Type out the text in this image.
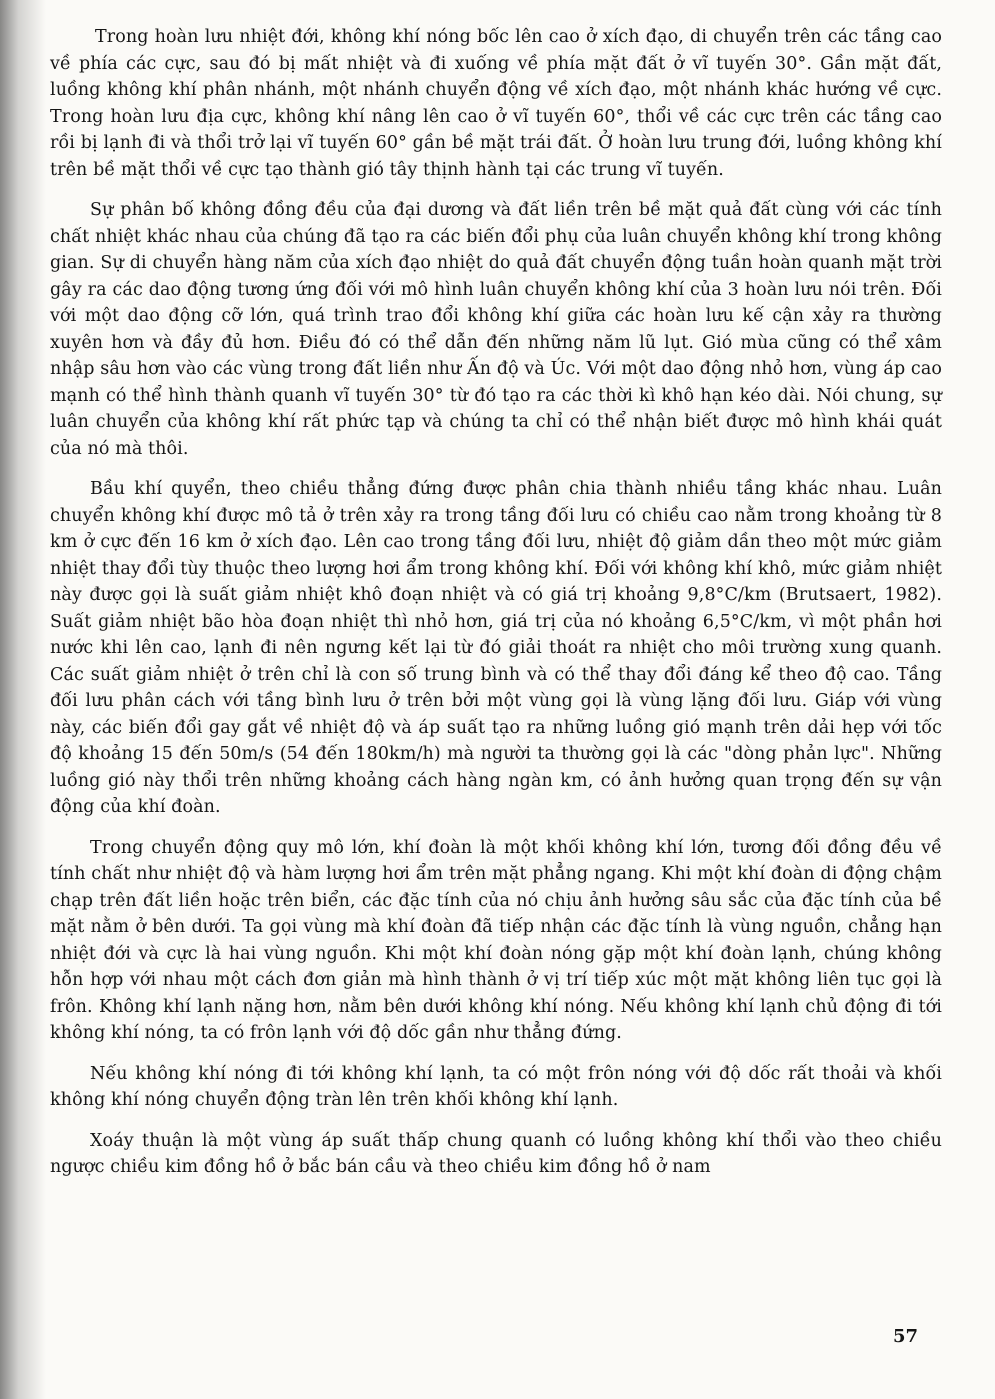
Trong hoàn lưu nhiệt đới, không khí nóng bốc lên cao ở xích đạo, di chuyển trên các tầng cao về phía các cực, sau đó bị mất nhiệt và đi xuống về phía mặt đất ở vĩ tuyến 30°. Gần mặt đất, luồng không khí phân nhánh, một nhánh chuyển động về xích đạo, một nhánh khác hướng về cực. Trong hoàn lưu địa cực, không khí nâng lên cao ở vĩ tuyến 60°, thổi về các cực trên các tầng cao rồi bị lạnh đi và thổi trở lại vĩ tuyến 60° gần bề mặt trái đất. Ở hoàn lưu trung đới, luồng không khí trên bề mặt thổi về cực tạo thành gió tây thịnh hành tại các trung vĩ tuyến.

Sự phân bố không đồng đều của đại dương và đất liền trên bề mặt quả đất cùng với các tính chất nhiệt khác nhau của chúng đã tạo ra các biến đổi phụ của luân chuyển không khí trong không gian. Sự di chuyển hàng năm của xích đạo nhiệt do quả đất chuyển động tuần hoàn quanh mặt trời gây ra các dao động tương ứng đối với mô hình luân chuyển không khí của 3 hoàn lưu nói trên. Đối với một dao động cỡ lớn, quá trình trao đổi không khí giữa các hoàn lưu kế cận xảy ra thường xuyên hơn và đầy đủ hơn. Điều đó có thể dẫn đến những năm lũ lụt. Gió mùa cũng có thể xâm nhập sâu hơn vào các vùng trong đất liền như Ấn độ và Úc. Với một dao động nhỏ hơn, vùng áp cao mạnh có thể hình thành quanh vĩ tuyến 30° từ đó tạo ra các thời kì khô hạn kéo dài. Nói chung, sự luân chuyển của không khí rất phức tạp và chúng ta chỉ có thể nhận biết được mô hình khái quát của nó mà thôi.

Bầu khí quyển, theo chiều thẳng đứng được phân chia thành nhiều tầng khác nhau. Luân chuyển không khí được mô tả ở trên xảy ra trong tầng đối lưu có chiều cao nằm trong khoảng từ 8 km ở cực đến 16 km ở xích đạo. Lên cao trong tầng đối lưu, nhiệt độ giảm dần theo một mức giảm nhiệt thay đổi tùy thuộc theo lượng hơi ẩm trong không khí. Đối với không khí khô, mức giảm nhiệt này được gọi là suất giảm nhiệt khô đoạn nhiệt và có giá trị khoảng 9,8°C/km (Brutsaert, 1982). Suất giảm nhiệt bão hòa đoạn nhiệt thì nhỏ hơn, giá trị của nó khoảng 6,5°C/km, vì một phần hơi nước khi lên cao, lạnh đi nên ngưng kết lại từ đó giải thoát ra nhiệt cho môi trường xung quanh. Các suất giảm nhiệt ở trên chỉ là con số trung bình và có thể thay đổi đáng kể theo độ cao. Tầng đối lưu phân cách với tầng bình lưu ở trên bởi một vùng gọi là vùng lặng đối lưu. Giáp với vùng này, các biến đổi gay gắt về nhiệt độ và áp suất tạo ra những luồng gió mạnh trên dải hẹp với tốc độ khoảng 15 đến 50m/s (54 đến 180km/h) mà người ta thường gọi là các "dòng phản lực". Những luồng gió này thổi trên những khoảng cách hàng ngàn km, có ảnh hưởng quan trọng đến sự vận động của khí đoàn.

Trong chuyển động quy mô lớn, khí đoàn là một khối không khí lớn, tương đối đồng đều về tính chất như nhiệt độ và hàm lượng hơi ẩm trên mặt phẳng ngang. Khi một khí đoàn di động chậm chạp trên đất liền hoặc trên biển, các đặc tính của nó chịu ảnh hưởng sâu sắc của đặc tính của bề mặt nằm ở bên dưới. Ta gọi vùng mà khí đoàn đã tiếp nhận các đặc tính là vùng nguồn, chẳng hạn nhiệt đới và cực là hai vùng nguồn. Khi một khí đoàn nóng gặp một khí đoàn lạnh, chúng không hỗn hợp với nhau một cách đơn giản mà hình thành ở vị trí tiếp xúc một mặt không liên tục gọi là frôn. Không khí lạnh nặng hơn, nằm bên dưới không khí nóng. Nếu không khí lạnh chủ động đi tới không khí nóng, ta có frôn lạnh với độ dốc gần như thẳng đứng.

Nếu không khí nóng đi tới không khí lạnh, ta có một frôn nóng với độ dốc rất thoải và khối không khí nóng chuyển động tràn lên trên khối không khí lạnh.

Xoáy thuận là một vùng áp suất thấp chung quanh có luồng không khí thổi vào theo chiều ngược chiều kim đồng hồ ở bắc bán cầu và theo chiều kim đồng hồ ở nam

57
